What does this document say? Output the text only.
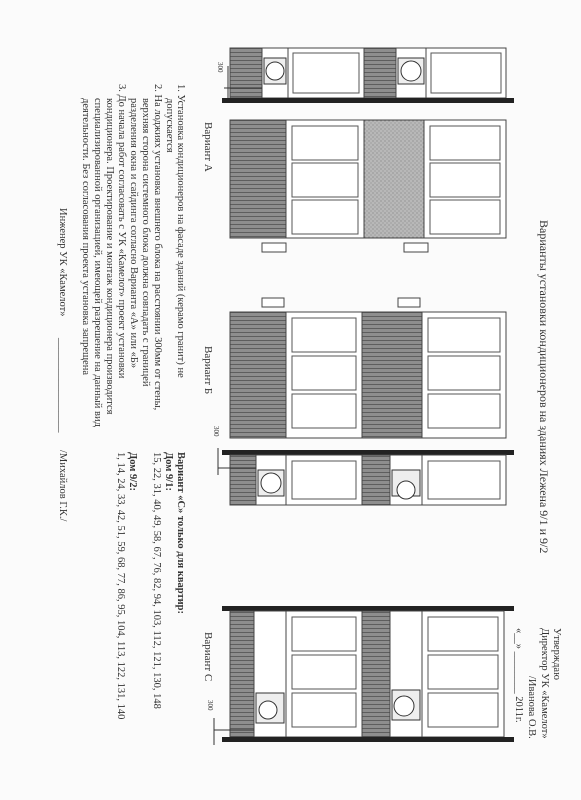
Варианты установки кондиционеров на зданиях Лежена 9/1 и 9/2
Утверждаю
Директор УК «Камелот»
/Иванова О.В.
«__» ________ 2011г.
Вариант А
Вариант Б
Вариант С
300
300
300
1. Установка кондиционеров на фасаде зданий (керамо гранит) не
допускается
2. На лоджиях установка внешнего блока на расстоянии 300мм от стены,
верхняя сторона системного блока должна совпадать с границей
разделения окна и сайдинга согласно Варианта «А» или «Б»
3. До начала работ согласовать с УК «Камелот» проект установки
кондиционера. Проектирование и монтаж кондиционера производится
специализированной организацией, имеющей разрешение на данный вид
деятельности. Без согласования проекта установка запрещена
Вариант «С» только для квартир:
Дом 9/1:
15, 22, 31, 40, 49, 58, 67, 76, 82, 94, 103, 112, 121, 130, 148
Дом 9/2:
1, 14, 24, 33, 42, 51, 59, 68, 77, 86, 95, 104, 113, 122, 131, 140
Инженер УК «Камелот»
__________________
/Михайлов Г.К./
